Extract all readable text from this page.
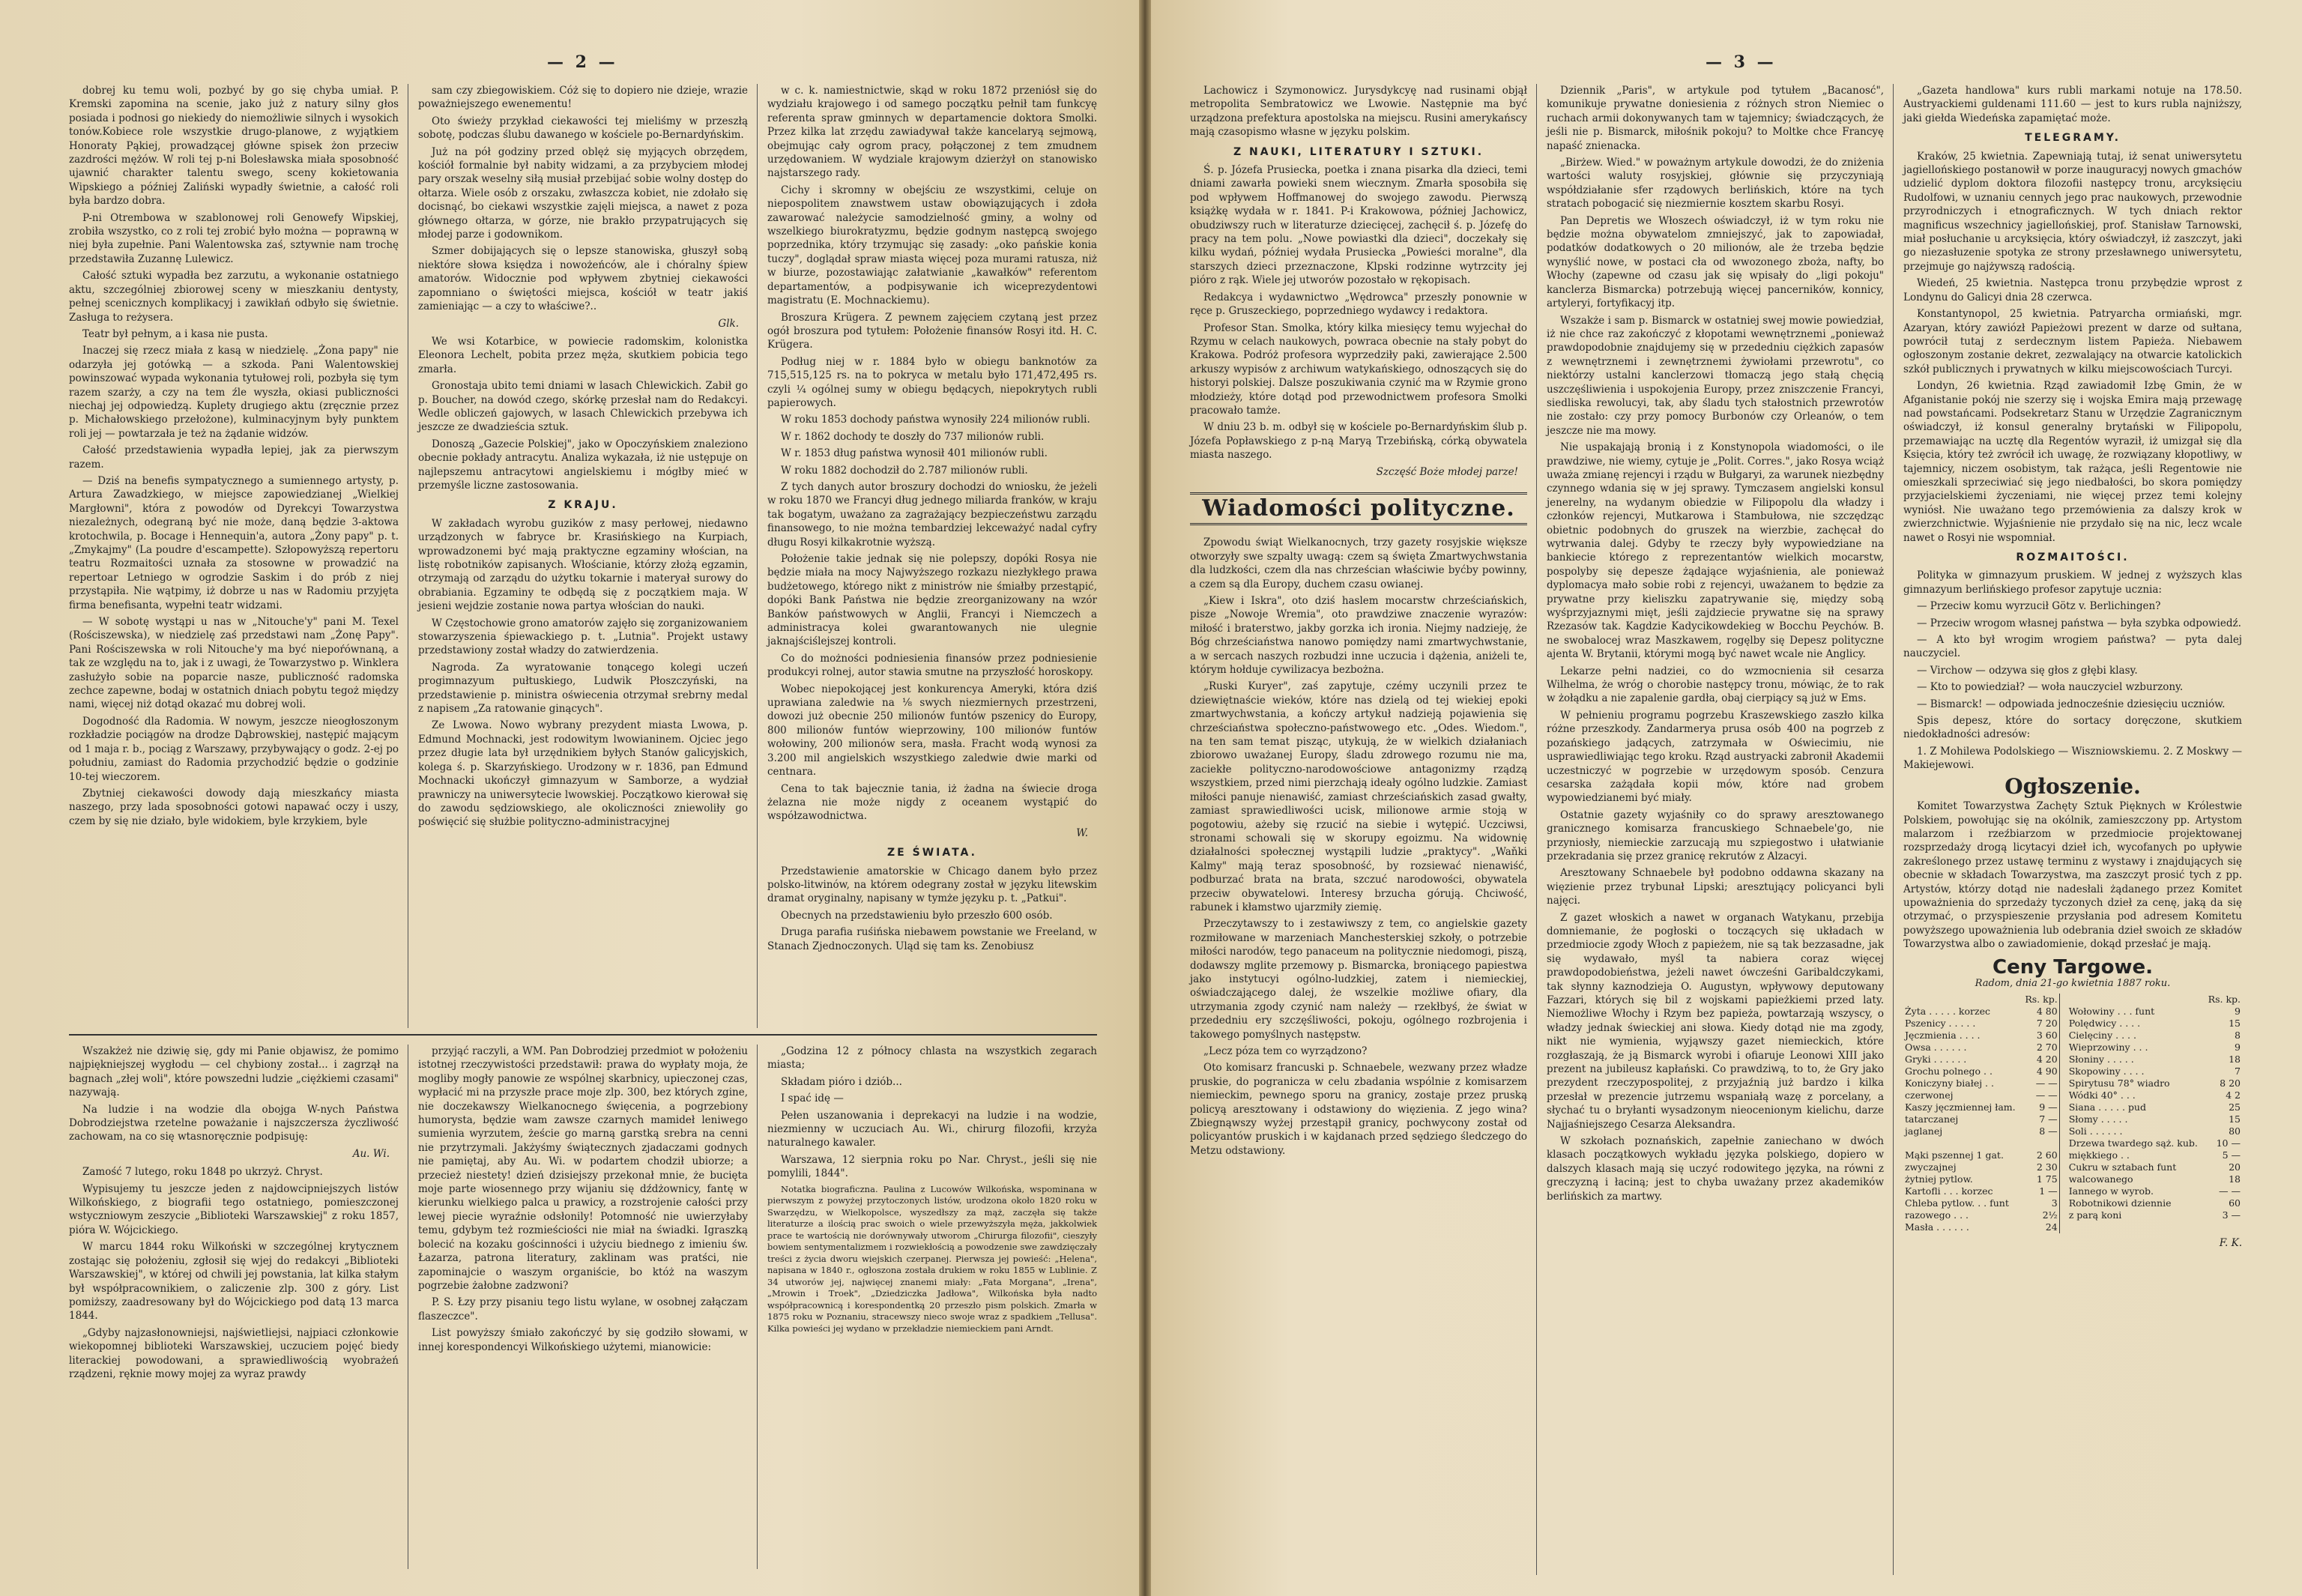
— 2 —

dobrej ku temu woli, pozbyć by go się chyba umiał. P. Kremski zapomina na scenie, jako już z natury silny głos posiada i podnosi go niekiedy do niemożliwie silnych i wysokich tonów.Kobiece role wszystkie drugo-planowe, z wyjątkiem Honoraty Pąkiej, prowadzącej główne spisek żon przeciw zazdrości mężów. W roli tej p-ni Bolesławska miała sposobność ujawnić charakter talentu swego, sceny kokietowania Wipskiego a później Zaliński wypadły świetnie, a całość roli była bardzo dobra.

P-ni Otrembowa w szablonowej roli Genowefy Wipskiej, zrobiła wszystko, co z roli tej zrobić było można — poprawną w niej była zupełnie. Pani Walentowska zaś, sztywnie nam trochę przedstawiła Zuzannę Lulewicz.

Całość sztuki wypadła bez zarzutu, a wykonanie ostatniego aktu, szczególniej zbiorowej sceny w mieszkaniu dentysty, pełnej scenicznych komplikacyj i zawikłań odbyło się świetnie. Zasługa to reżysera.

Teatr był pełnym, a i kasa nie pusta.

Inaczej się rzecz miała z kasą w niedzielę. „Żona papy" nie odarzyła jej gotówką — a szkoda. Pani Walentowskiej powinszować wypada wykonania tytułowej roli, pozbyła się tym razem szarży, a czy na tem źle wyszła, okiasi publiczności niechaj jej odpowiedzą. Kuplety drugiego aktu (zręcznie przez p. Michałowskiego przełożone), kulminacyjnym były punktem roli jej — powtarzała je też na żądanie widzów.

Całość przedstawienia wypadła lepiej, jak za pierwszym razem.

— Dziś na benefis sympatycznego a sumiennego artysty, p. Artura Zawadzkiego, w miejsce zapowiedzianej „Wielkiej Margłowni", która z powodów od Dyrekcyi Towarzystwa niezależnych, odegraną być nie może, daną będzie 3-aktowa krotochwila, p. Bocage i Hennequin'a, autora „Żony papy" p. t. „Zmykajmy" (La poudre d'escampette). Szłopowyższą repertoru teatru Rozmaitości uznała za stosowne w prowadzić na repertoar Letniego w ogrodzie Saskim i do prób z niej przystąpiła. Nie wątpimy, iż dobrze u nas w Radomiu przyjęta firma benefisanta, wypełni teatr widzami.

— W sobotę wystąpi u nas w „Nitouche'y" pani M. Texel (Rościszewska), w niedzielę zaś przedstawi nam „Żonę Papy". Pani Rościszewska w roli Nitouche'y ma być niepoŕównaną, a tak ze względu na to, jak i z uwagi, że Towarzystwo p. Winklera zasłużyło sobie na poparcie nasze, publiczność radomska zechce zapewne, bodaj w ostatnich dniach pobytu tegoż między nami, więcej niż dotąd okazać mu dobrej woli.

Dogodność dla Radomia. W nowym, jeszcze nieogłoszonym rozkładzie pociągów na drodze Dąbrowskiej, następić mającym od 1 maja r. b., pociąg z Warszawy, przybywający o godz. 2-ej po południu, zamiast do Radomia przychodzić będzie o godzinie 10-tej wieczorem.

Zbytniej ciekawości dowody dają mieszkańcy miasta naszego, przy lada sposobności gotowi napawać oczy i uszy, czem by się nie działo, byle widokiem, byle krzykiem, byle

sam czy zbiegowiskiem. Cóż się to dopiero nie dzieje, wrazie poważniejszego ewenementu!

Oto świeży przykład ciekawości tej mieliśmy w przeszłą sobotę, podczas ślubu dawanego w kościele po-Bernardyńskim.

Już na pół godziny przed oblęż się myjących obrzędem, kościół formalnie był nabity widzami, a za przybyciem młodej pary orszak weselny siłą musiał przebijać sobie wolny dostęp do ołtarza. Wiele osób z orszaku, zwłaszcza kobiet, nie zdołało się docisnąć, bo ciekawi wszystkie zajęli miejsca, a nawet z poza głównego ołtarza, w górze, nie brakło przypatrujących się młodej parze i godownikom.

Szmer dobijających się o lepsze stanowiska, głuszył sobą niektóre słowa księdza i nowożeńców, ale i chóralny śpiew amatorów. Widocznie pod wpływem zbytniej ciekawości zapomniano o świętości miejsca, kościół w teatr jakiś zamieniając — a czy to właściwe?..

Glk.

We wsi Kotarbice, w powiecie radomskim, kolonistka Eleonora Lechelt, pobita przez męża, skutkiem pobicia tego zmarła.

Gronostaja ubito temi dniami w lasach Chlewickich. Zabił go p. Boucher, na dowód czego, skórkę przesłał nam do Redakcyi. Wedle obliczeń gajowych, w lasach Chlewickich przebywa ich jeszcze ze dwadzieścia sztuk.

Donoszą „Gazecie Polskiej", jako w Opoczyńskiem znaleziono obecnie pokłady antracytu. Analiza wykazała, iż nie ustępuje on najlepszemu antracytowi angielskiemu i mógłby mieć w przemyśle liczne zastosowania.

Z KRAJU.

W zakładach wyrobu guzików z masy perłowej, niedawno urządzonych w fabryce br. Krasińskiego na Kurpiach, wprowadzonemi być mają praktyczne egzaminy włościan, na listę robotników zapisanych. Włościanie, którzy złożą egzamin, otrzymają od zarządu do użytku tokarnie i materyał surowy do obrabiania. Egzaminy te odbędą się z początkiem maja. W jesieni wejdzie zostanie nowa partya włościan do nauki.

W Częstochowie grono amatorów zajęło się zorganizowaniem stowarzyszenia śpiewackiego p. t. „Lutnia". Projekt ustawy przedstawiony został władzy do zatwierdzenia.

Nagroda. Za wyratowanie tonącego kolegi uczeń progimnazyum pułtuskiego, Ludwik Płoszczyński, na przedstawienie p. ministra oświecenia otrzymał srebrny medal z napisem „Za ratowanie ginących".

Ze Lwowa. Nowo wybrany prezydent miasta Lwowa, p. Edmund Mochnacki, jest rodowitym lwowianinem. Ojciec jego przez długie lata był urzędnikiem byłych Stanów galicyjskich, kolega ś. p. Skarzyńskiego. Urodzony w r. 1836, pan Edmund Mochnacki ukończył gimnazyum w Samborze, a wydział prawniczy na uniwersytecie lwowskiej. Początkowo kierował się do zawodu sędziowskiego, ale okoliczności zniewoliły go poświęcić się służbie polityczno-administracyjnej

w c. k. namiestnictwie, skąd w roku 1872 przeniósł się do wydziału krajowego i od samego początku pełnił tam funkcyę referenta spraw gminnych w departamencie doktora Smolki. Przez kilka lat zrzędu zawiadywał także kancelaryą sejmową, obejmując cały ogrom pracy, połączonej z tem zmudnem urzędowaniem. W wydziale krajowym dzierżył on stanowisko najstarszego rady.

Cichy i skromny w obejściu ze wszystkimi, celuje on niepospolitem znawstwem ustaw obowiązujących i zdoła zawarować należycie samodzielność gminy, a wolny od wszelkiego biurokratyzmu, będzie godnym następcą swojego poprzednika, który trzymując się zasady: „oko pańskie konia tuczy", doglądał spraw miasta więcej poza murami ratusza, niż w biurze, pozostawiając załatwianie „kawałków" referentom departamentów, a podpisywanie ich wiceprezydentowi magistratu (E. Mochnackiemu).

Broszura Krügera. Z pewnem zajęciem czytaną jest przez ogół broszura pod tytułem: Położenie finansów Rosyi itd. H. C. Krügera.

Podług niej w r. 1884 było w obiegu banknotów za 715,515,125 rs. na to pokryca w metalu było 171,472,495 rs. czyli ¼ ogólnej sumy w obiegu będących, niepokrytych rubli papierowych.

W roku 1853 dochody państwa wynosiły 224 milionów rubli.

W r. 1862 dochody te doszły do 737 milionów rubli.

W r. 1853 dług państwa wynosił 401 milionów rubli.

W roku 1882 dochodził do 2.787 milionów rubli.

Z tych danych autor broszury dochodzi do wniosku, że jeżeli w roku 1870 we Francyi dług jednego miliarda franków, w kraju tak bogatym, uważano za zagrażający bezpieczeństwu zarządu finansowego, to nie można tembardziej lekceważyć nadal cyfry długu Rosyi kilkakrotnie wyższą.

Położenie takie jednak się nie polepszy, dopóki Rosya nie będzie miała na mocy Najwyższego rozkazu niezłykłego prawa budżetowego, którego nikt z ministrów nie śmiałby przestąpić, dopóki Bank Państwa nie będzie zreorganizowany na wzór Banków państwowych w Anglii, Francyi i Niemczech a administracya kolei gwarantowanych nie ulegnie jaknajściślejszej kontroli.

Co do możności podniesienia finansów przez podniesienie produkcyi rolnej, autor stawia smutne na przyszłość horoskopy.

Wobec niepokojącej jest konkurencya Ameryki, która dziś uprawiana zaledwie na ⅛ swych niezmiernych przestrzeni, dowozi już obecnie 250 milionów funtów pszenicy do Europy, 800 milionów funtów wieprzowiny, 100 milionów funtów wołowiny, 200 milionów sera, masła. Fracht wodą wynosi za 3.200 mil angielskich wszystkiego zaledwie dwie marki od centnara.

Cena to tak bajecznie tania, iż żadna na świecie droga żelazna nie może nigdy z oceanem wystąpić do współzawodnictwa.

W.
ZE ŚWIATA.

Przedstawienie amatorskie w Chicago danem było przez polsko-litwinów, na którem odegrany został w języku litewskim dramat oryginalny, napisany w tymże języku p. t. „Patkui".

Obecnych na przedstawieniu było przeszło 600 osób.

Druga parafia ruśińska niebawem powstanie we Freeland, w Stanach Zjednoczonych. Uląd się tam ks. Zenobiusz

Wszakżeż nie dziwię się, gdy mi Panie objawisz, że pomimo najpiękniejszej wygłodu — cel chybiony został... i zagrzął na bagnach „złej woli", które powszedni ludzie „ciężkiemi czasami" nazywają.

Na ludzie i na wodzie dla obojga W-nych Państwa Dobrodziejstwa rzetelne poważanie i najszczersza życzliwość zachowam, na co się wtasnoręcznie podpisuję:

Au. Wi.

Zamość 7 lutego, roku 1848 po ukrzyż. Chryst.

Wypisujemy tu jeszcze jeden z najdowcipniejszych listów Wilkońskiego, z biografii tego ostatniego, pomieszczonej wstyczniowym zeszycie „Biblioteki Warszawskiej" z roku 1857, pióra W. Wójcickiego.

W marcu 1844 roku Wilkoński w szczególnej krytycznem zostając się położeniu, zgłosił się wjej do redakcyi „Biblioteki Warszawskiej", w której od chwili jej powstania, lat kilka stałym był współpracownikiem, o zaliczenie zlp. 300 z góry. List pomiższy, zaadresowany był do Wójcickiego pod datą 13 marca 1844.

„Gdyby najzasłonowniejsi, najświetliejsi, najpiaci członkowie wiekopomnej biblioteki Warszawskiej, uczuciem pojęć biedy literackiej powodowani, a sprawiedliwością wyobrażeń rządzeni, ręknie mowy mojej za wyraz prawdy

przyjąć raczyli, a WM. Pan Dobrodziej przedmiot w położeniu istotnej rzeczywistości przedstawił: prawa do wypłaty moja, że mogliby mogły panowie ze wspólnej skarbnicy, upieczonej czas, wypłacić mi na przyszłe prace moje zlp. 300, bez których zgine, nie doczekawszy Wielkanocnego święcenia, a pogrzebiony humorysta, będzie wam zawsze czarnych mamideł leniwego sumienia wyrzutem, żeście go marną garstką srebra na cenni nie przytrzymali. Jakżyśmy świątecznych zjadaczami godnych nie pamiętaj, aby Au. Wi. w podartem chodził ubiorze; a przecież niestety! dzień dzisiejszy przekonał mnie, że bucięta moje parte wiosennego przy wijaniu się dźdżownicy, fantę w kierunku wielkiego palca u prawicy, a rozstrojenie całości przy lewej piecie wyraźnie odsłonily! Potomność nie uwierzyłaby temu, gdybym też rozmieściości nie miał na świadki. Igraszką bolecić na kozaku gościnności i użyciu biednego z imieniu św. Łazarza, patrona literatury, zaklinam was pratści, nie zapominajcie o waszym organiście, bo któż na waszym pogrzebie żałobne zadzwoni?

P. S. Łzy przy pisaniu tego listu wylane, w osobnej załączam flaszeczce".

List powyższy śmiało zakończyć by się godziło słowami, w innej korespondencyi Wilkońskiego użytemi, mianowicie:

„Godzina 12 z północy chlasta na wszystkich zegarach miasta;

Składam pióro i dziób...

I spać idę —

Pełen uszanowania i deprekacyi na ludzie i na wodzie, niezmienny w uczuciach Au. Wi., chirurg filozofii, krzyża naturalnego kawaler.

Warszawa, 12 sierpnia roku po Nar. Chryst., jeśli się nie pomylili, 1844".

Notatka biograficzna. Paulina z Lucowów Wilkońska, wspominana w pierwszym z powyżej przytoczonych listów, urodzona około 1820 roku w Swarzędzu, w Wielkopolsce, wyszedłszy za mąż, zaczęła się także literaturze a ilością prac swoich o wiele przewyższyła męża, jakkolwiek prace te wartością nie dorównywały utworom „Chirurga filozofii", cieszyły bowiem sentymentalizmem i rozwiekłością a powodzenie swe zawdzięczały treści z życia dworu wiejskich czerpanej. Pierwsza jej powieść: „Helena", napisana w 1840 r., ogłoszona została drukiem w roku 1855 w Lublinie. Z 34 utworów jej, najwięcej znanemi miały: „Fata Morgana", „Irena", „Mrowin i Troek", „Dziedziczka Jadłowa", Wilkońska była nadto współpracownicą i korespondentką 20 przeszło pism polskich. Zmarła w 1875 roku w Poznaniu, stracewszy nieco swoje wraz z spadkiem „Tellusa". Kilka powieści jej wydano w przekładzie niemieckiem pani Arndt.

— 3 —

Lachowicz i Szymonowicz. Jurysdykcyę nad rusinami objął metropolita Sembratowicz we Lwowie. Następnie ma być urządzona prefektura apostolska na miejscu. Rusini amerykańscy mają czasopismo własne w języku polskim.

Z NAUKI, LITERATURY I SZTUKI.

Ś. p. Józefa Prusiecka, poetka i znana pisarka dla dzieci, temi dniami zawarła powieki snem wiecznym. Zmarła sposobiła się pod wpływem Hoffmanowej do swojego zawodu. Pierwszą książkę wydała w r. 1841. P-i Krakowowa, później Jachowicz, obudziwszy ruch w literaturze dziecięcej, zachęcił ś. p. Józefę do pracy na tem polu. „Nowe powiastki dla dzieci", doczekały się kilku wydań, później wydała Prusiecka „Powieści moralne", dla starszych dzieci przeznaczone, Klpski rodzinne wytrzcity jej pióro z rąk. Wiele jej utworów pozostało w rękopisach.

Redakcya i wydawnictwo „Wędrowca" przeszły ponownie w ręce p. Gruszeckiego, poprzedniego wydawcy i redaktora.

Profesor Stan. Smolka, który kilka miesięcy temu wyjechał do Rzymu w celach naukowych, powraca obecnie na stały pobyt do Krakowa. Podróż profesora wyprzedziły paki, zawierające 2.500 arkuszy wypisów z archiwum watykańskiego, odnoszących się do historyi polskiej. Dalsze poszukiwania czynić ma w Rzymie grono młodzieży, które dotąd pod przewodnictwem profesora Smolki pracowało tamże.

W dniu 23 b. m. odbył się w kościele po-Bernardyńskim ślub p. Józefa Popławskiego z p-ną Maryą Trzebińską, córką obywatela miasta naszego.

Szczęść Boże młodej parze!
Wiadomości polityczne.

Zpowodu świąt Wielkanocnych, trzy gazety rosyjskie większe otworzyły swe szpalty uwagą: czem są święta Zmartwychwstania dla ludzkości, czem dla nas chrześcian właściwie byćby powinny, a czem są dla Europy, duchem czasu owianej.

„Kiew i Iskra", oto dziś haslem mocarstw chrześciańskich, pisze „Nowoje Wremia", oto prawdziwe znaczenie wyrazów: miłość i braterstwo, jakby gorzka ich ironia. Niejmy nadzieję, że Bóg chrześciaństwa nanowo pomiędzy nami zmartwychwstanie, a w sercach naszych rozbudzi inne uczucia i dążenia, aniżeli te, którym hołduje cywilizacya bezbożna.

„Ruski Kuryer", zaś zapytuje, czémy uczynili przez te dziewiętnaście wieków, które nas dzielą od tej wiekiej epoki zmartwychwstania, a kończy artykuł nadzieją pojawienia się chrześciaństwa społeczno-państwowego etc. „Odes. Wiedom.", na ten sam temat pisząc, utykują, że w wielkich działaniach zbiorowo uważanej Europy, śladu zdrowego rozumu nie ma, zaciekłe polityczno-narodowościowe antagonizmy rządzą wszystkiem, przed nimi pierzchają ideały ogólno ludzkie. Zamiast miłości panuje nienawiść, zamiast chrześciańskich zasad gwałty, zamiast sprawiedliwości ucisk, milionowe armie stoją w pogotowiu, ażeby się rzucić na siebie i wytępić. Uczciwsi, stronami schowali się w skorupy egoizmu. Na widownię działalności społecznej wystąpili ludzie „praktycy". „Waňki Kalmy" mają teraz sposobność, by rozsiewać nienawiść, podburzać brata na brata, szczuć narodowości, obywatela przeciw obywatelowi. Interesy brzucha górują. Chciwość, rabunek i kłamstwo ujarzmiły ziemię.

Przeczytawszy to i zestawiwszy z tem, co angielskie gazety rozmiłowane w marzeniach Manchesterskiej szkoły, o potrzebie miłości narodów, tego panaceum na politycznie niedomogi, piszą, dodawszy mglite przemowy p. Bismarcka, broniącego papiestwa jako instytucyi ogólno-ludzkiej, zatem i niemieckiej, oświadczającego dalej, że wszelkie możliwe ofiary, dla utrzymania zgody czynić nam należy — rzekłbyś, że świat w przededniu ery szczęśliwości, pokoju, ogólnego rozbrojenia i takowego pomyślnych następstw.

„Lecz póza tem co wyrządzono?

Oto komisarz francuski p. Schnaebele, wezwany przez władze pruskie, do pogranicza w celu zbadania wspólnie z komisarzem niemieckim, pewnego sporu na granicy, zostaje przez pruską policyą aresztowany i odstawiony do więzienia. Z jego wina? Zbiegnąwszy wyżej przestąpił granicy, pochwycony został od policyantów pruskich i w kajdanach przed sędziego śledczego do Metzu odstawiony.

Dziennik „Paris", w artykule pod tytułem „Bacanosć", komunikuje prywatne doniesienia z różnych stron Niemiec o ruchach armii dokonywanych tam w tajemnicy; świadczących, że jeśli nie p. Bismarck, miłośnik pokoju? to Moltke chce Francyę napaść znienacka.

„Birżew. Wied." w poważnym artykule dowodzi, że do zniżenia wartości waluty rosyjskiej, głównie się przyczyniają współdziałanie sfer rządowych berlińskich, które na tych stratach pobogacić się niezmiernie kosztem skarbu Rosyi.

Pan Depretis we Włoszech oświadczył, iż w tym roku nie będzie można obywatelom zmniejszyć, jak to zapowiadał, podatków dodatkowych o 20 milionów, ale że trzeba będzie wynyślić nowe, w postaci cła od wwozonego zboża, nafty, bo Włochy (zapewne od czasu jak się wpisały do „ligi pokoju" kanclerza Bismarcka) potrzebują więcej pancerników, konnicy, artyleryi, fortyfikacyj itp.

Wszakże i sam p. Bismarck w ostatniej swej mowie powiedział, iż nie chce raz zakończyć z kłopotami wewnętrznemi „ponieważ prawdopodobnie znajdujemy się w przededniu ciężkich zapasów z wewnętrznemi i zewnętrznemi żywiołami przewrotu", co niektórzy ustalni kanclerzowi tłomaczą jego stałą chęcią uszczęśliwienia i uspokojenia Europy, przez zniszczenie Francyi, siedliska rewolucyi, tak, aby śladu tych stałostnich przewrotów nie zostało: czy przy pomocy Burbonów czy Orleanów, o tem jeszcze nie ma mowy.

Nie uspakajają bronią i z Konstynopola wiadomości, o ile prawdziwe, nie wiemy, cytuje je „Polit. Corres.", jako Rosya wciąż uważa zmianę rejencyi i rządu w Bułgaryi, za warunek niezbędny czynnego wdania się w jej sprawy. Tymczasem angielski konsul jenerelny, na wydanym obiedzie w Filipopolu dla władzy i członków rejencyi, Mutkarowa i Stambułowa, nie szczędząc obietnic podobnych do gruszek na wierzbie, zachęcał do wytrwania dalej. Gdyby te rzeczy były wypowiedziane na bankiecie którego z reprezentantów wielkich mocarstw, pospolyby się depesze żądające wyjaśnienia, ale ponieważ dyplomacya mało sobie robi z rejencyi, uważanem to będzie za prywatne przy kieliszku zapatrywanie się, między sobą wyśprzyjaznymi mięt, jeśli zajdziecie prywatne się na sprawy Rzezasów tak. Kagdzie Kadycikowdekieg w Bocchu Peychów. B. ne swobalocej wraz Maszkawem, rogęlby się Depesz polityczne ajenta W. Brytanii, którymi mogą być nawet wcale nie Anglicy.

Lekarze pełni nadziei, co do wzmocnienia sił cesarza Wilhelma, że wróg o chorobie następcy tronu, mówiąc, że to rak w żołądku a nie zapalenie gardła, obaj cierpiący są już w Ems.

W pełnieniu programu pogrzebu Kraszewskiego zaszło kilka różne przeszkody. Zandarmerya prusa osób 400 na pogrzeb z pozańskiego jadących, zatrzymała w Oświecimiu, nie usprawiedliwiając tego kroku. Rząd austryacki zabronił Akademii uczestniczyć w pogrzebie w urzędowym sposób. Cenzura cesarska zażądała kopii mów, które nad grobem wypowiedzianemi być miały.

Ostatnie gazety wyjaśniły co do sprawy aresztowanego granicznego komisarza francuskiego Schnaebele'go, nie przyniosły, niemieckie zarzucają mu szpiegostwo i ułatwianie przekradania się przez granicę rekrutów z Alzacyi.

Aresztowany Schnaebele był podobno oddawna skazany na więzienie przez trybunał Lipski; aresztujący policyanci byli najęci.

Z gazet włoskich a nawet w organach Watykanu, przebija domniemanie, że pogłoski o toczących się układach w przedmiocie zgody Włoch z papieżem, nie są tak bezzasadne, jak się wydawało, myśl ta nabiera coraz więcej prawdopodobieństwa, jeżeli nawet ówcześni Garibaldczykami, tak słynny kaznodzieja O. Augustyn, wpływowy deputowany Fazzari, których się bil z wojskami papieżkiemi przed laty. Niemożliwe Włochy i Rzym bez papieża, powtarzają wszyscy, o władzy jednak świeckiej ani słowa. Kiedy dotąd nie ma zgody, nikt nie wymienia, wyjąwszy gazet niemieckich, które rozgłaszają, że ją Bismarck wyrobi i ofiaruje Leonowi XIII jako prezent na jubileusz kapłański. Co prawdziwą, to to, że Gry jako prezydent rzeczypospolitej, z przyjaźnią już bardzo i kilka przesłał w prezencie jutrzemu wspaniałą wazę z porcelany, a słychać tu o bryłanti wysadzonym nieocenionym kielichu, darze Najjaśniejszego Cesarza Aleksandra.

W szkołach poznańskich, zapełnie zaniechano w dwóch klasach początkowych wykładu języka polskiego, dopiero w dalszych klasach mają się uczyć rodowitego języka, na równi z greczyzną i łaciną; jest to chyba uważany przez akademików berlińskich za martwy.

„Gazeta handlowa" kurs rubli markami notuje na 178.50. Austryackiemi guldenami 111.60 — jest to kurs rubla najniższy, jaki giełda Wiedeńska zapamiętać może.

TELEGRAMY.

Kraków, 25 kwietnia. Zapewniają tutaj, iż senat uniwersytetu jagiellońskiego postanowił w porze inauguracyj nowych gmachów udzielić dyplom doktora filozofii następcy tronu, arcyksięciu Rudolfowi, w uznaniu cennych jego prac naukowych, przewodnie przyrodniczych i etnograficznych. W tych dniach rektor magnificus wszechnicy jagiellońskiej, prof. Stanisław Tarnowski, miał posłuchanie u arcyksięcia, który oświadczył, iż zaszczyt, jaki go niezasłuzenie spotyka ze strony przesławnego uniwersytetu, przejmuje go najżywszą radością.

Wiedeń, 25 kwietnia. Następca tronu przybędzie wprost z Londynu do Galicyi dnia 28 czerwca.

Konstantynopol, 25 kwietnia. Patryarcha ormiański, mgr. Azaryan, który zawiózł Papieżowi prezent w darze od sułtana, powrócił tutaj z serdecznym listem Papieża. Niebawem ogłoszonym zostanie dekret, zezwalający na otwarcie katolickich szkół publicznych i prywatnych w kilku miejscowościach Turcyi.

Londyn, 26 kwietnia. Rząd zawiadomił Izbę Gmin, że w Afganistanie pokój nie szerzy się i wojska Emira mają przewagę nad powstańcami. Podsekretarz Stanu w Urzędzie Zagranicznym oświadczył, iż konsul generalny brytański w Filipopolu, przemawiając na ucztę dla Regentów wyraził, iż umizgał się dla Księcia, który też zwrócił ich uwagę, że rozwiązany kłopotliwy, w tajemnicy, niczem osobistym, tak rażąca, jeśli Regentowie nie omieszkali sprzeciwiać się jego niedbałości, bo skora pomiędzy przyjacielskiemi życzeniami, nie więcej przez temi kolejny wyniósł. Nie uważano tego przemówienia za dalszy krok w zwierzchnictwie. Wyjaśnienie nie przydało się na nic, lecz wcale nawet o Rosyi nie wspomniał.

ROZMAITOŚCI.

Polityka w gimnazyum pruskiem. W jednej z wyższych klas gimnazyum berlińskiego profesor zapytuje ucznia:

— Przeciw komu wyrzucił Götz v. Berlichingen?

— Przeciw wrogom własnej państwa — była szybka odpowiedź.

— A kto był wrogim wrogiem państwa? — pyta dalej nauczyciel.

— Virchow — odzywa się głos z głębi klasy.

— Kto to powiedział? — woła nauczyciel wzburzony.

— Bismarck! — odpowiada jednocześnie dziesięciu uczniów.

Spis depesz, które do sortacy doręczone, skutkiem niedokładności adresów:

1. Z Mohilewa Podolskiego — Wiszniowskiemu. 2. Z Moskwy — Makiejewowi.

Ogłoszenie.

Komitet Towarzystwa Zachęty Sztuk Pięknych w Królestwie Polskiem, powołując się na okólnik, zamieszczony pp. Artystom malarzom i rzeźbiarzom w przedmiocie projektowanej rozsprzedaży drogą licytacyi dzieł ich, wycofanych po upływie zakreślonego przez ustawę terminu z wystawy i znajdujących się obecnie w składach Towarzystwa, ma zaszczyt prosić tych z pp. Artystów, którzy dotąd nie nadesłali żądanego przez Komitet upoważnienia do sprzedaży tyczonych dzieł za cenę, jaką da się otrzymać, o przyspieszenie przysłania pod adresem Komitetu powyższego upoważnienia lub odebrania dzieł swoich ze składów Towarzystwa albo o zawiadomienie, dokąd przesłać je mają.

Ceny Targowe.
Radom, dnia 21-go kwietnia 1887 roku.
	Rs. kp.			Rs. kp.
Żyta . . . . . korzec	4 80		Wołowiny . . . funt	9
Pszenicy . . . . .	7 20		Polędwicy . . . .	15
Jęczmienia . . . .	3 60		Cielęciny . . . .	8
Owsa . . . . . .	2 70		Wieprzowiny . . .	9
Gryki . . . . . .	4 20		Słoniny . . . . .	18
Grochu polnego . .	4 90		Skopowiny . . . .	7
Koniczyny białej . .	— —		Spirytusu 78° wiadro	8 20
czerwonej	— —		Wódki 40° . . .	4 2
Kaszy jęczmiennej łam.	9 —		Siana . . . . . pud	25
tatarczanej	7 —		Słomy . . . . .	15
jaglanej	8 —		Soli . . . . . .	80
			Drzewa twardego sąż. kub.	10 —
Mąki pszennej 1 gat.	2 60		miękkiego . .	5 —
zwyczajnej	2 30		Cukru w sztabach funt	20
żytniej pytlow.	1 75		walcowanego	18
Kartofli . . . korzec	1 —		Iannego w wyrob.	— —

Chleba pytlow. . . funt	3		Robotnikowi dziennie	60
razowego . . .	2½		z parą koni	3 —
Masła . . . . . .	24			
F. K.
